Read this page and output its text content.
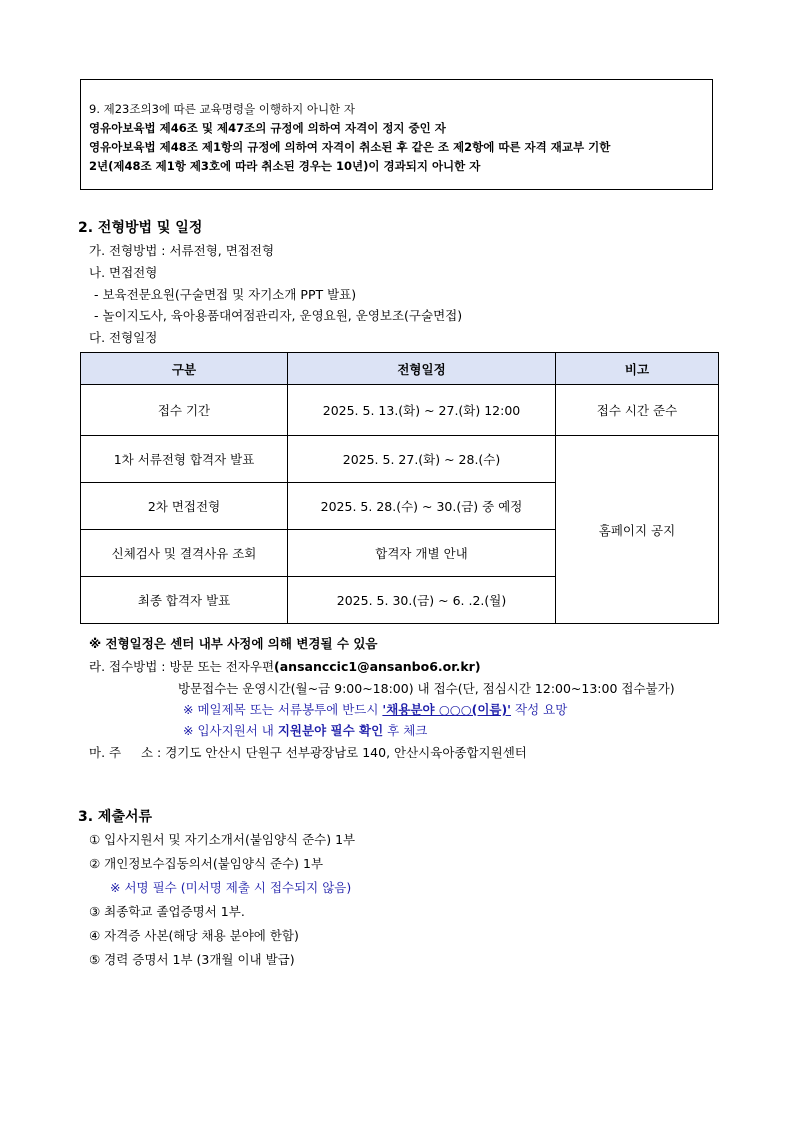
9. 제23조의3에 따른 교육명령을 이행하지 아니한 자
영유아보육법 제46조 및 제47조의 규정에 의하여 자격이 정지 중인 자
영유아보육법 제48조 제1항의 규정에 의하여 자격이 취소된 후 같은 조 제2항에 따른 자격 재교부 기한
2년(제48조 제1항 제3호에 따라 취소된 경우는 10년)이 경과되지 아니한 자
2. 전형방법 및 일정
가. 전형방법 : 서류전형, 면접전형
나. 면접전형
- 보육전문요원(구술면접 및 자기소개 PPT 발표)
- 놀이지도사, 육아용품대여점관리자, 운영요원, 운영보조(구술면접)
다. 전형일정
구분	전형일정	비고
접수 기간	2025. 5. 13.(화) ~ 27.(화) 12:00	접수 시간 준수
1차 서류전형 합격자 발표	2025. 5. 27.(화) ~ 28.(수)	홈페이지 공지
2차 면접전형	2025. 5. 28.(수) ~ 30.(금) 중 예정	
신체검사 및 결격사유 조회	합격자 개별 안내	
최종 합격자 발표	2025. 5. 30.(금) ~ 6. .2.(월)	
※ 전형일정은 센터 내부 사정에 의해 변경될 수 있음
라. 접수방법 : 방문 또는 전자우편(ansanccic1@ansanbo6.or.kr)
방문접수는 운영시간(월~금 9:00~18:00) 내 접수(단, 점심시간 12:00~13:00 접수불가)
※ 메일제목 또는 서류봉투에 반드시 '채용분야 ○○○(이름)' 작성 요망
※ 입사지원서 내 지원분야 필수 확인 후 체크
마. 주     소 : 경기도 안산시 단원구 선부광장남로 140, 안산시육아종합지원센터
3. 제출서류
① 입사지원서 및 자기소개서(붙임양식 준수) 1부
② 개인정보수집동의서(붙임양식 준수) 1부
※ 서명 필수 (미서명 제출 시 접수되지 않음)
③ 최종학교 졸업증명서 1부.
④ 자격증 사본(해당 채용 분야에 한함)
⑤ 경력 증명서 1부 (3개월 이내 발급)
